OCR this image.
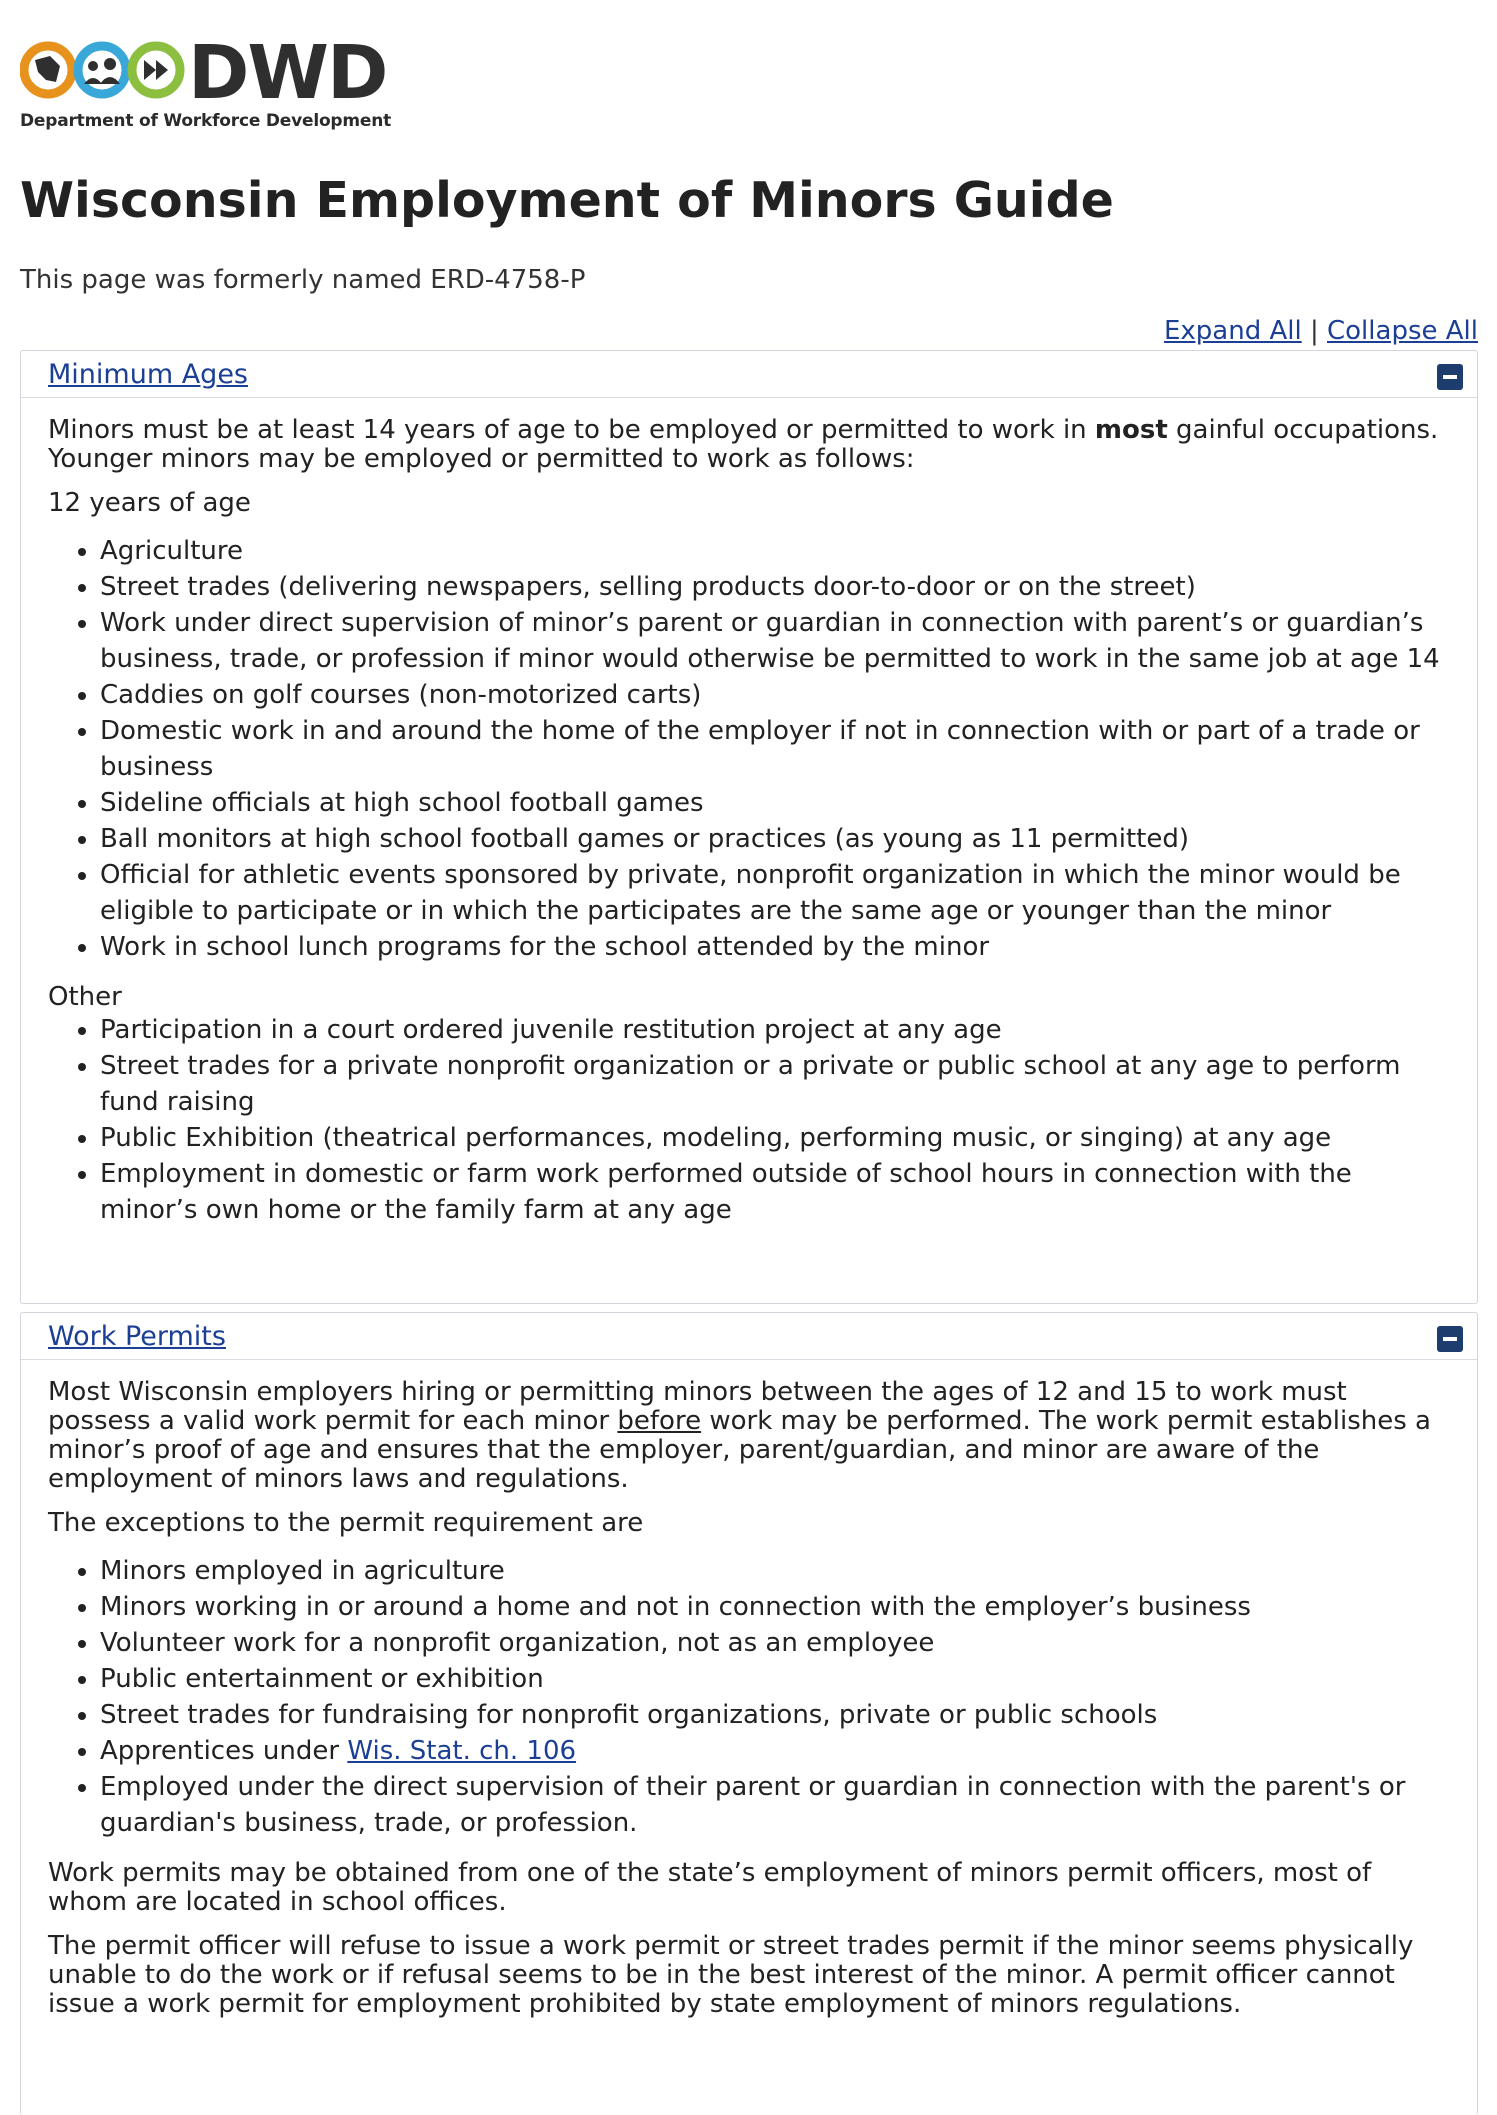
DWD
Department of Workforce Development
Wisconsin Employment of Minors Guide
This page was formerly named ERD-4758-P
Expand All | Collapse All
Minimum Ages

Minors must be at least 14 years of age to be employed or permitted to work in most gainful occupations. Younger minors may be employed or permitted to work as follows:

12 years of age

• Agriculture
• Street trades (delivering newspapers, selling products door-to-door or on the street)
• Work under direct supervision of minor’s parent or guardian in connection with parent’s or guardian’s business, trade, or profession if minor would otherwise be permitted to work in the same job at age 14
• Caddies on golf courses (non-motorized carts)
• Domestic work in and around the home of the employer if not in connection with or part of a trade or business
• Sideline officials at high school football games
• Ball monitors at high school football games or practices (as young as 11 permitted)
• Official for athletic events sponsored by private, nonprofit organization in which the minor would be eligible to participate or in which the participates are the same age or younger than the minor
• Work in school lunch programs for the school attended by the minor

Other

• Participation in a court ordered juvenile restitution project at any age
• Street trades for a private nonprofit organization or a private or public school at any age to perform fund raising
• Public Exhibition (theatrical performances, modeling, performing music, or singing) at any age
• Employment in domestic or farm work performed outside of school hours in connection with the minor’s own home or the family farm at any age
Work Permits

Most Wisconsin employers hiring or permitting minors between the ages of 12 and 15 to work must possess a valid work permit for each minor before work may be performed. The work permit establishes a minor’s proof of age and ensures that the employer, parent/guardian, and minor are aware of the employment of minors laws and regulations.

The exceptions to the permit requirement are

• Minors employed in agriculture
• Minors working in or around a home and not in connection with the employer’s business
• Volunteer work for a nonprofit organization, not as an employee
• Public entertainment or exhibition
• Street trades for fundraising for nonprofit organizations, private or public schools
• Apprentices under Wis. Stat. ch. 106
• Employed under the direct supervision of their parent or guardian in connection with the parent's or guardian's business, trade, or profession.

Work permits may be obtained from one of the state’s employment of minors permit officers, most of whom are located in school offices.

The permit officer will refuse to issue a work permit or street trades permit if the minor seems physically unable to do the work or if refusal seems to be in the best interest of the minor. A permit officer cannot issue a work permit for employment prohibited by state employment of minors regulations.
